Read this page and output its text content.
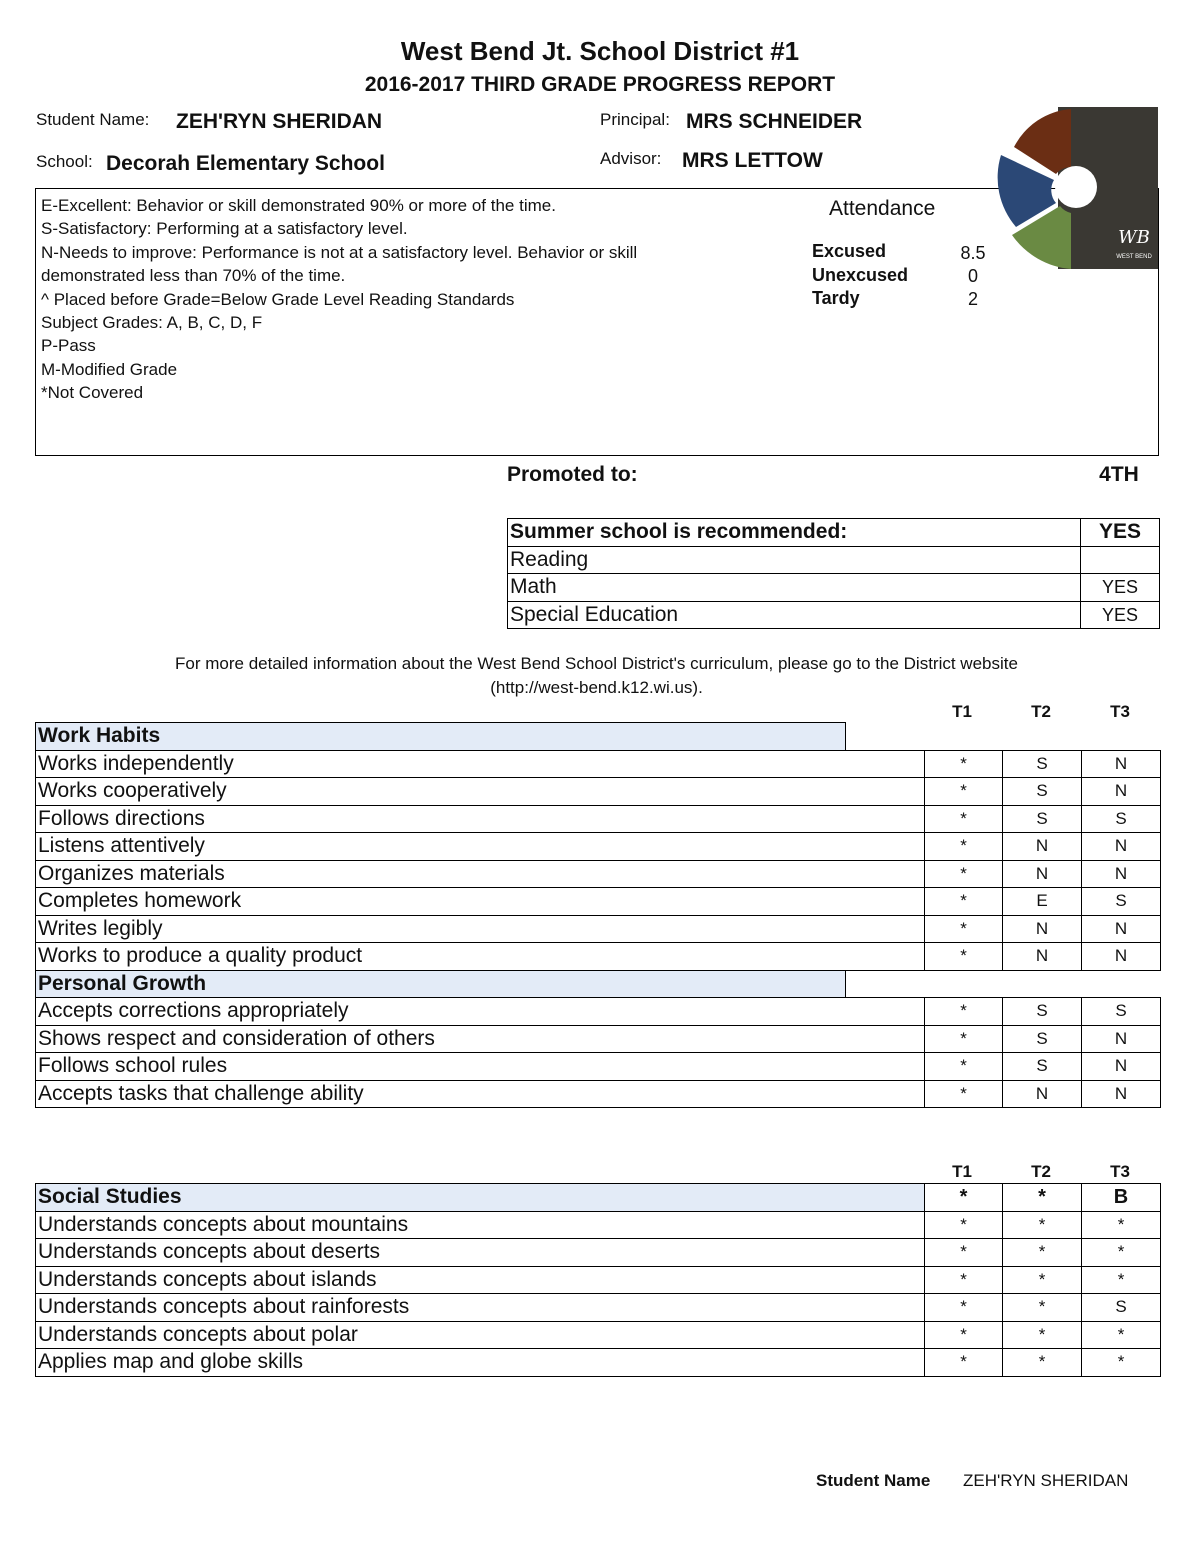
West Bend Jt. School District #1
2016-2017 THIRD GRADE PROGRESS REPORT
Student Name: ZEH'RYN SHERIDAN
School: Decorah Elementary School
Principal: MRS SCHNEIDER
Advisor: MRS LETTOW
E-Excellent: Behavior or skill demonstrated 90% or more of the time.
S-Satisfactory: Performing at a satisfactory level.
N-Needs to improve: Performance is not at a satisfactory level. Behavior or skill
demonstrated less than 70% of the time.
^ Placed before Grade=Below Grade Level Reading Standards
Subject Grades: A, B, C, D, F
P-Pass
M-Modified Grade
*Not Covered
Attendance
Excused	8.5
Unexcused	0
Tardy	2
WB
WEST BEND
Promoted to:	4TH
Summer school is recommended:	YES
Reading	
Math	YES
Special Education	YES
For more detailed information about the West Bend School District's curriculum, please go to the District website
(http://west-bend.k12.wi.us).
T1	T2	T3
Work Habits				
Works independently		*	S	N
Works cooperatively		*	S	N
Follows directions		*	S	S
Listens attentively		*	N	N
Organizes materials		*	N	N
Completes homework		*	E	S
Writes legibly		*	N	N
Works to produce a quality product		*	N	N
Personal Growth				
Accepts corrections appropriately		*	S	S
Shows respect and consideration of others		*	S	N
Follows school rules		*	S	N
Accepts tasks that challenge ability		*	N	N
T1	T2	T3
Social Studies	*	*	B
Understands concepts about mountains	*	*	*
Understands concepts about deserts	*	*	*
Understands concepts about islands	*	*	*
Understands concepts about rainforests	*	*	S
Understands concepts about polar	*	*	*
Applies map and globe skills	*	*	*
Student Name ZEH'RYN SHERIDAN
